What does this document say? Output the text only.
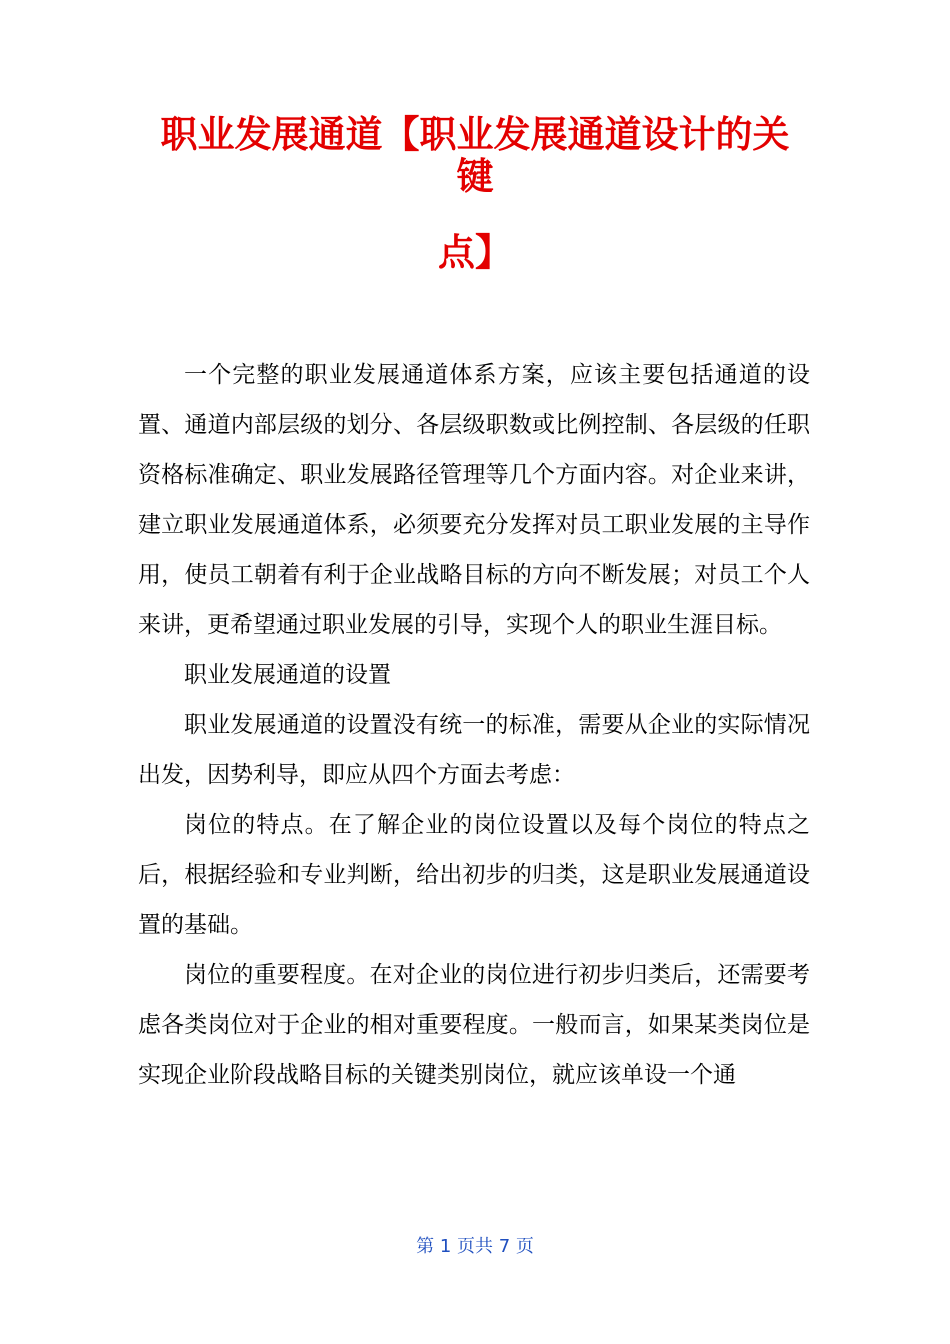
职业发展通道【职业发展通道设计的关
键
点】

一个完整的职业发展通道体系方案，应该主要包括通道的设置、通道内部层级的划分、各层级职数或比例控制、各层级的任职资格标准确定、职业发展路径管理等几个方面内容。对企业来讲，建立职业发展通道体系，必须要充分发挥对员工职业发展的主导作用，使员工朝着有利于企业战略目标的方向不断发展；对员工个人来讲，更希望通过职业发展的引导，实现个人的职业生涯目标。

职业发展通道的设置

职业发展通道的设置没有统一的标准，需要从企业的实际情况出发，因势利导，即应从四个方面去考虑：

岗位的特点。在了解企业的岗位设置以及每个岗位的特点之后，根据经验和专业判断，给出初步的归类，这是职业发展通道设置的基础。

岗位的重要程度。在对企业的岗位进行初步归类后，还需要考虑各类岗位对于企业的相对重要程度。一般而言，如果某类岗位是实现企业阶段战略目标的关键类别岗位，就应该单设一个通

第 1 页共 7 页
